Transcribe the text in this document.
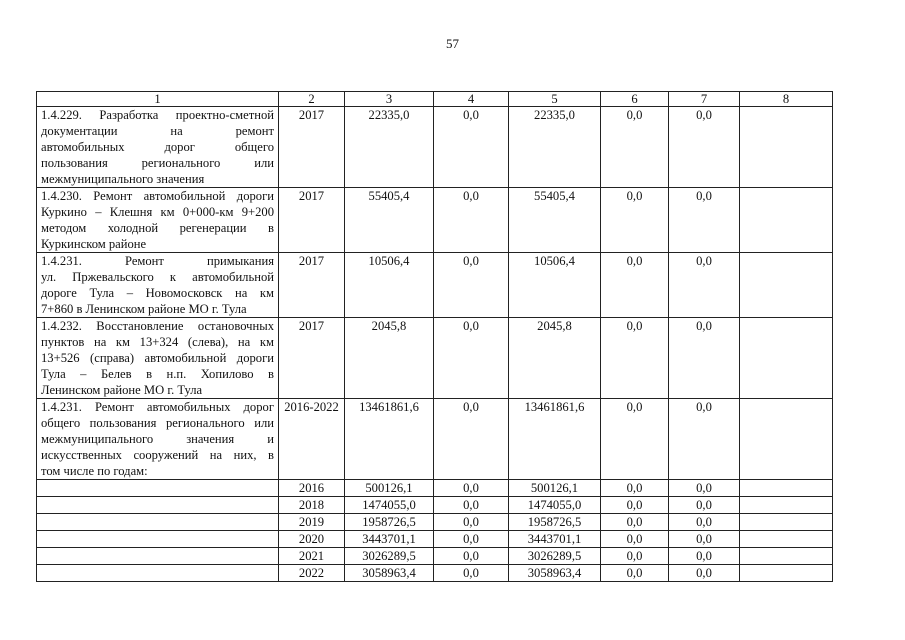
57
1	2	3	4	5	6	7	8
1.4.229. Разработка проектно-сметной
документации на ремонт
автомобильных дорог общего
пользования регионального или

межмуниципального значения	2017	22335,0	0,0	22335,0	0,0	0,0	
1.4.230. Ремонт автомобильной дороги
Куркино – Клешня км 0+000-км 9+200
методом холодной регенерации в

Куркинском районе	2017	55405,4	0,0	55405,4	0,0	0,0	
1.4.231. Ремонт примыкания
ул. Пржевальского к автомобильной
дороге Тула – Новомосковск на км

7+860 в Ленинском районе МО г. Тула	2017	10506,4	0,0	10506,4	0,0	0,0	
1.4.232. Восстановление остановочных
пунктов на км 13+324 (слева), на км
13+526 (справа) автомобильной дороги
Тула – Белев в н.п. Хопилово в

Ленинском районе МО г. Тула	2017	2045,8	0,0	2045,8	0,0	0,0	
1.4.231. Ремонт автомобильных дорог
общего пользования регионального или
межмуниципального значения и
искусственных сооружений на них, в

том числе по годам:	2016-2022	13461861,6	0,0	13461861,6	0,0	0,0	
	2016	500126,1	0,0	500126,1	0,0	0,0	
	2018	1474055,0	0,0	1474055,0	0,0	0,0	
	2019	1958726,5	0,0	1958726,5	0,0	0,0	
	2020	3443701,1	0,0	3443701,1	0,0	0,0	
	2021	3026289,5	0,0	3026289,5	0,0	0,0	
	2022	3058963,4	0,0	3058963,4	0,0	0,0	
